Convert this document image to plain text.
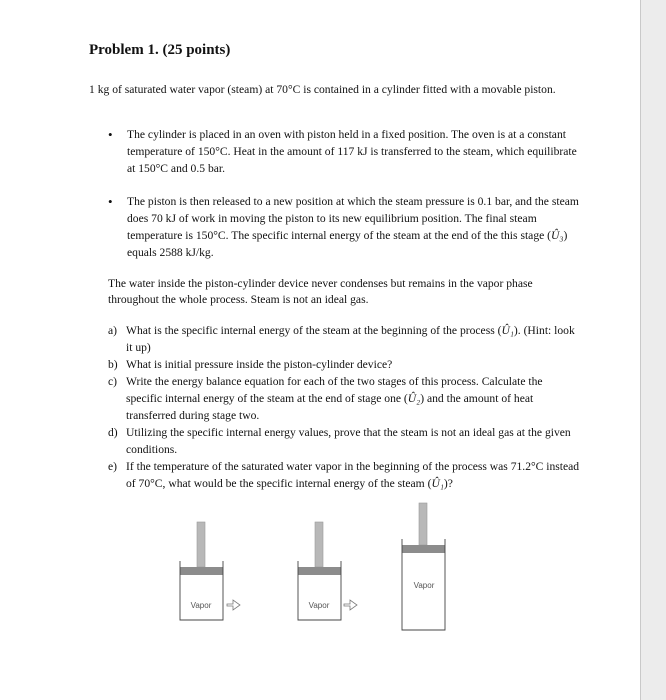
Problem 1. (25 points)

1 kg of saturated water vapor (steam) at 70°C is contained in a cylinder fitted with a movable piston.

• The cylinder is placed in an oven with piston held in a fixed position. The oven is at a constant temperature of 150°C. Heat in the amount of 117 kJ is transferred to the steam, which equilibrate at 150°C and 0.5 bar.
• The piston is then released to a new position at which the steam pressure is 0.1 bar, and the steam does 70 kJ of work in moving the piston to its new equilibrium position. The final steam temperature is 150°C. The specific internal energy of the steam at the end of the this stage (Û₃) equals 2588 kJ/kg.

The water inside the piston-cylinder device never condenses but remains in the vapor phase throughout the whole process. Steam is not an ideal gas.

a) What is the specific internal energy of the steam at the beginning of the process (Û₁). (Hint: look it up)
b) What is initial pressure inside the piston-cylinder device?
c) Write the energy balance equation for each of the two stages of this process. Calculate the specific internal energy of the steam at the end of stage one (Û₂) and the amount of heat transferred during stage two.
d) Utilizing the specific internal energy values, prove that the steam is not an ideal gas at the given conditions.
e) If the temperature of the saturated water vapor in the beginning of the process was 71.2°C instead of 70°C, what would be the specific internal energy of the steam (Û₁)?
Vapor	Vapor
Vapor
